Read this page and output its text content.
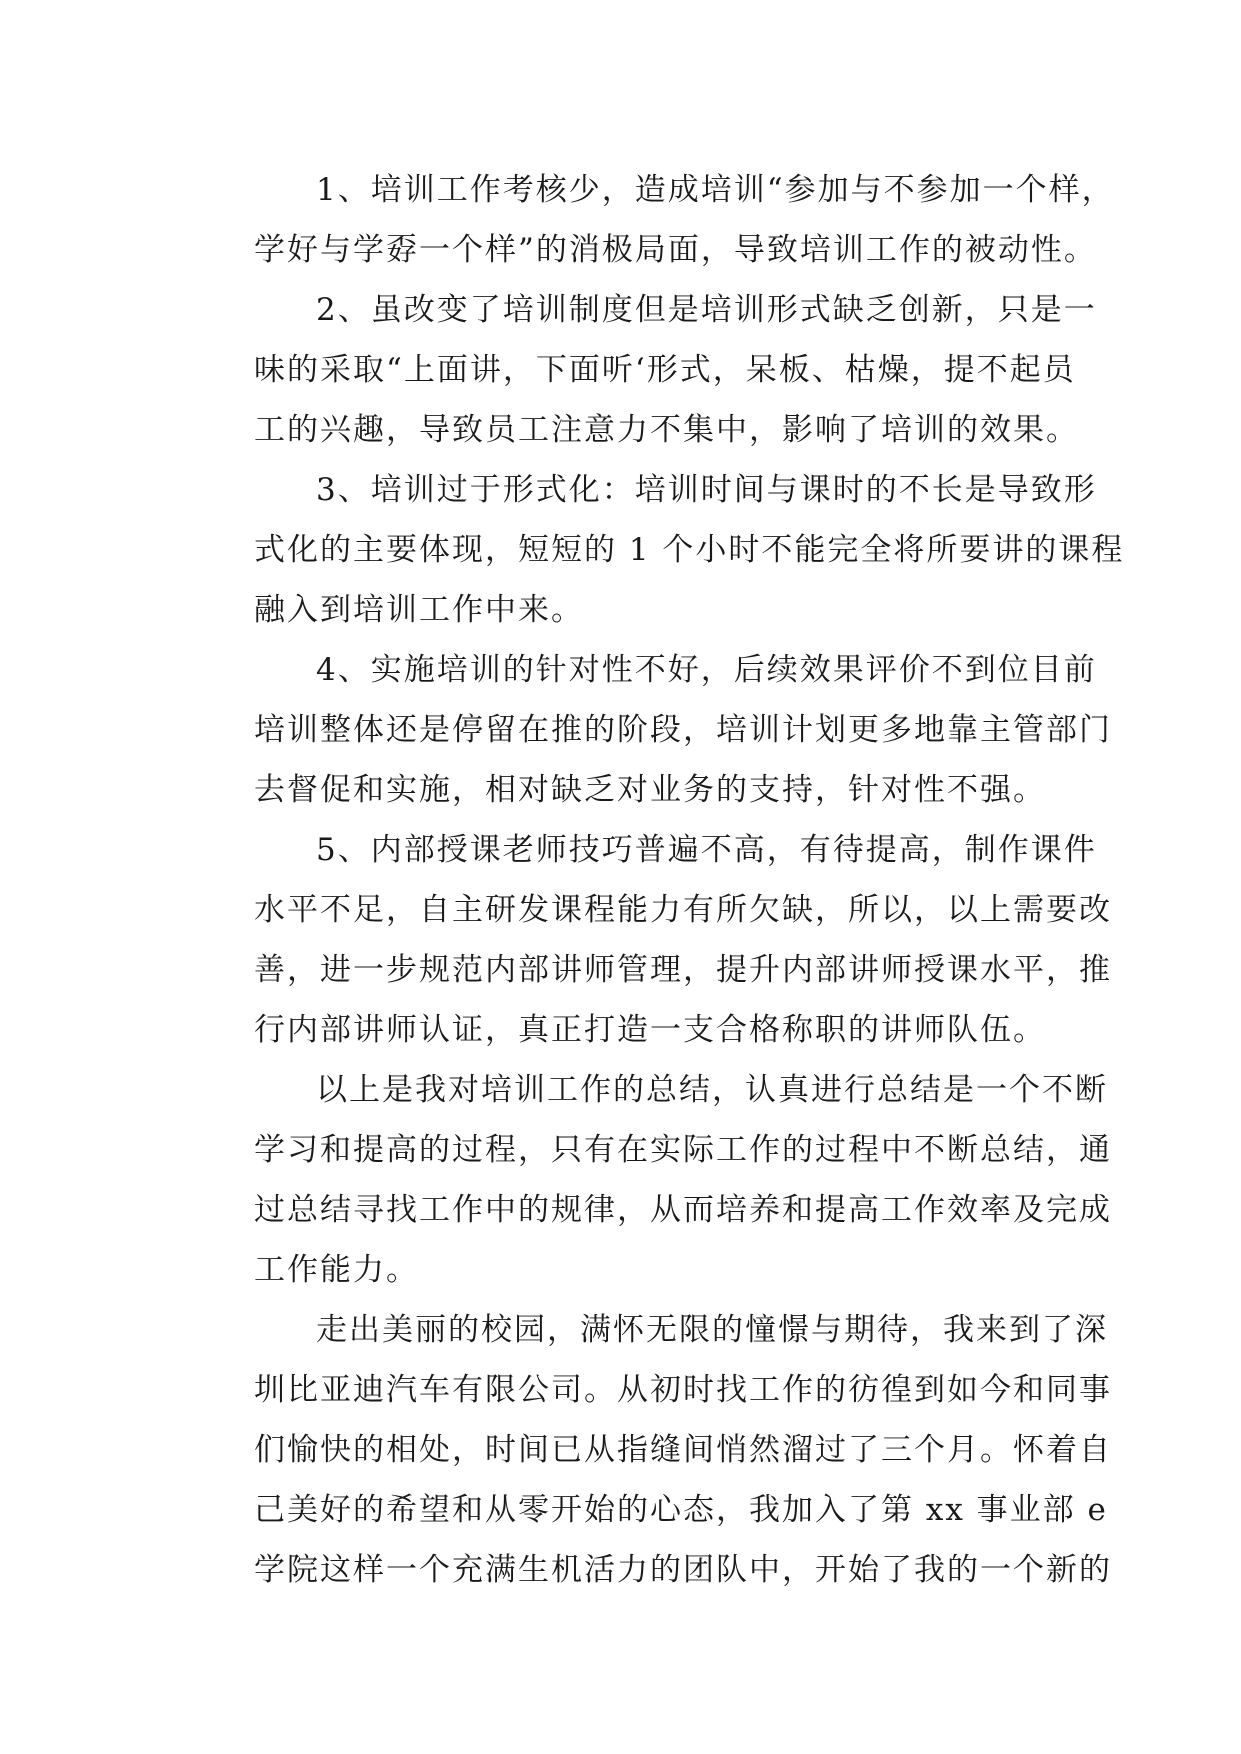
1、培训工作考核少，造成培训“参加与不参加一个样，
学好与学孬一个样”的消极局面，导致培训工作的被动性。
2、虽改变了培训制度但是培训形式缺乏创新，只是一
味的采取“上面讲，下面听‘形式，呆板、枯燥，提不起员
工的兴趣，导致员工注意力不集中，影响了培训的效果。
3、培训过于形式化：培训时间与课时的不长是导致形
式化的主要体现，短短的 1 个小时不能完全将所要讲的课程
融入到培训工作中来。
4、实施培训的针对性不好，后续效果评价不到位目前
培训整体还是停留在推的阶段，培训计划更多地靠主管部门
去督促和实施，相对缺乏对业务的支持，针对性不强。
5、内部授课老师技巧普遍不高，有待提高，制作课件
水平不足，自主研发课程能力有所欠缺，所以，以上需要改
善，进一步规范内部讲师管理，提升内部讲师授课水平，推
行内部讲师认证，真正打造一支合格称职的讲师队伍。
以上是我对培训工作的总结，认真进行总结是一个不断
学习和提高的过程，只有在实际工作的过程中不断总结，通
过总结寻找工作中的规律，从而培养和提高工作效率及完成
工作能力。
走出美丽的校园，满怀无限的憧憬与期待，我来到了深
圳比亚迪汽车有限公司。从初时找工作的彷徨到如今和同事
们愉快的相处，时间已从指缝间悄然溜过了三个月。怀着自
己美好的希望和从零开始的心态，我加入了第 xx 事业部 e
学院这样一个充满生机活力的团队中，开始了我的一个新的
